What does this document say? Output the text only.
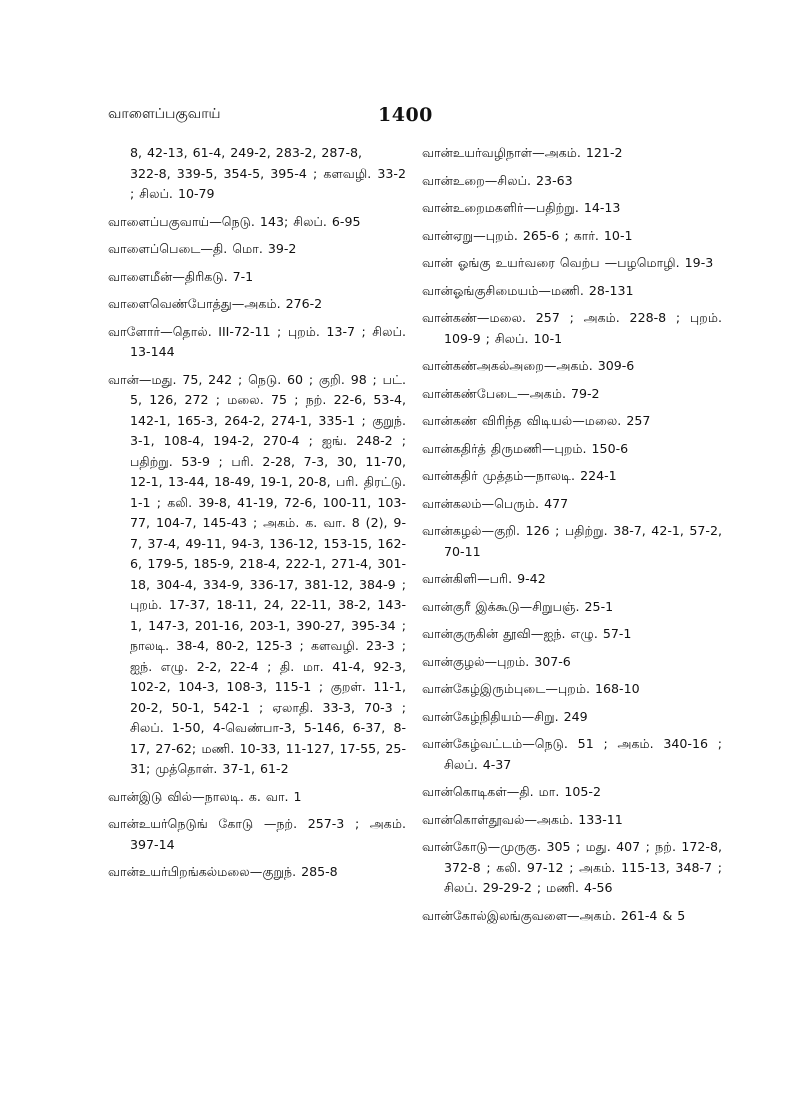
வாளைப்பகுவாய்	1400

8, 42-13, 61-4, 249-2, 283-2, 287-8,
322-8, 339-5, 354-5, 395-4 ; களவழி. 33-2 ; சிலப். 10-79

வாளைப்பகுவாய்—நெடு. 143; சிலப். 6-95

வாளைப்பெடை—தி. மொ. 39-2

வாளைமீன்—திரிகடு. 7-1

வாளைவெண்போத்து—அகம். 276-2

வாளோர்—தொல். III-72-11 ; புறம். 13-7 ; சிலப். 13-144

வான்—மது. 75, 242 ; நெடு. 60 ; குறி. 98 ; பட். 5, 126, 272 ; மலை. 75 ; நற். 22-6, 53-4, 142-1, 165-3, 264-2, 274-1, 335-1 ; குறுந். 3-1, 108-4, 194-2, 270-4 ; ஐங். 248-2 ; பதிற்று. 53-9 ; பரி. 2-28, 7-3, 30, 11-70, 12-1, 13-44, 18-49, 19-1, 20-8, பரி. திரட்டு. 1-1 ; கலி. 39-8, 41-19, 72-6, 100-11, 103-77, 104-7, 145-43 ; அகம். க. வா. 8 (2), 9-7, 37-4, 49-11, 94-3, 136-12, 153-15, 162-6, 179-5, 185-9, 218-4, 222-1, 271-4, 301-18, 304-4, 334-9, 336-17, 381-12, 384-9 ; புறம். 17-37, 18-11, 24, 22-11, 38-2, 143-1, 147-3, 201-16, 203-1, 390-27, 395-34 ; நாலடி. 38-4, 80-2, 125-3 ; களவழி. 23-3 ; ஐந். எழு. 2-2, 22-4 ; தி. மா. 41-4, 92-3, 102-2, 104-3, 108-3, 115-1 ; குறள். 11-1, 20-2, 50-1, 542-1 ; ஏலாதி. 33-3, 70-3 ; சிலப். 1-50, 4-வெண்பா-3, 5-146, 6-37, 8-17, 27-62; மணி. 10-33, 11-127, 17-55, 25-31; முத்தொள். 37-1, 61-2

வான்இடு வில்—நாலடி. க. வா. 1

வான்உயர்நெடுங் கோடு —நற். 257-3 ; அகம். 397-14

வான்உயர்பிறங்கல்மலை—குறுந். 285-8

வான்உயர்வழிநாள்—அகம். 121-2

வான்உறை—சிலப். 23-63

வான்உறைமகளிர்—பதிற்று. 14-13

வான்ஏறு—புறம். 265-6 ; கார். 10-1

வான் ஓங்கு உயர்வரை வெற்ப —பழமொழி. 19-3

வான்ஓங்குசிமையம்—மணி. 28-131

வான்கண்—மலை. 257 ; அகம். 228-8 ; புறம். 109-9 ; சிலப். 10-1

வான்கண்அகல்அறை—அகம். 309-6

வான்கண்பேடை—அகம். 79-2

வான்கண் விரிந்த விடியல்—மலை. 257

வான்கதிர்த் திருமணி—புறம். 150-6

வான்கதிர் முத்தம்—நாலடி. 224-1

வான்கலம்—பெரும். 477

வான்கழல்—குறி. 126 ; பதிற்று. 38-7, 42-1, 57-2, 70-11

வான்கிளி—பரி. 9-42

வான்குரீ இக்கூடு—சிறுபஞ். 25-1

வான்குருகின் தூவி—ஐந். எழு. 57-1

வான்குழல்—புறம். 307-6

வான்கேழ்இரும்புடை—புறம். 168-10

வான்கேழ்நிதியம்—சிறு. 249

வான்கேழ்வட்டம்—நெடு. 51 ; அகம். 340-16 ; சிலப். 4-37

வான்கொடிகள்—தி. மா. 105-2

வான்கொள்தூவல்—அகம். 133-11

வான்கோடு—முருகு. 305 ; மது. 407 ; நற். 172-8, 372-8 ; கலி. 97-12 ; அகம். 115-13, 348-7 ; சிலப். 29-29-2 ; மணி. 4-56

வான்கோல்இலங்குவளை—அகம். 261-4 & 5
